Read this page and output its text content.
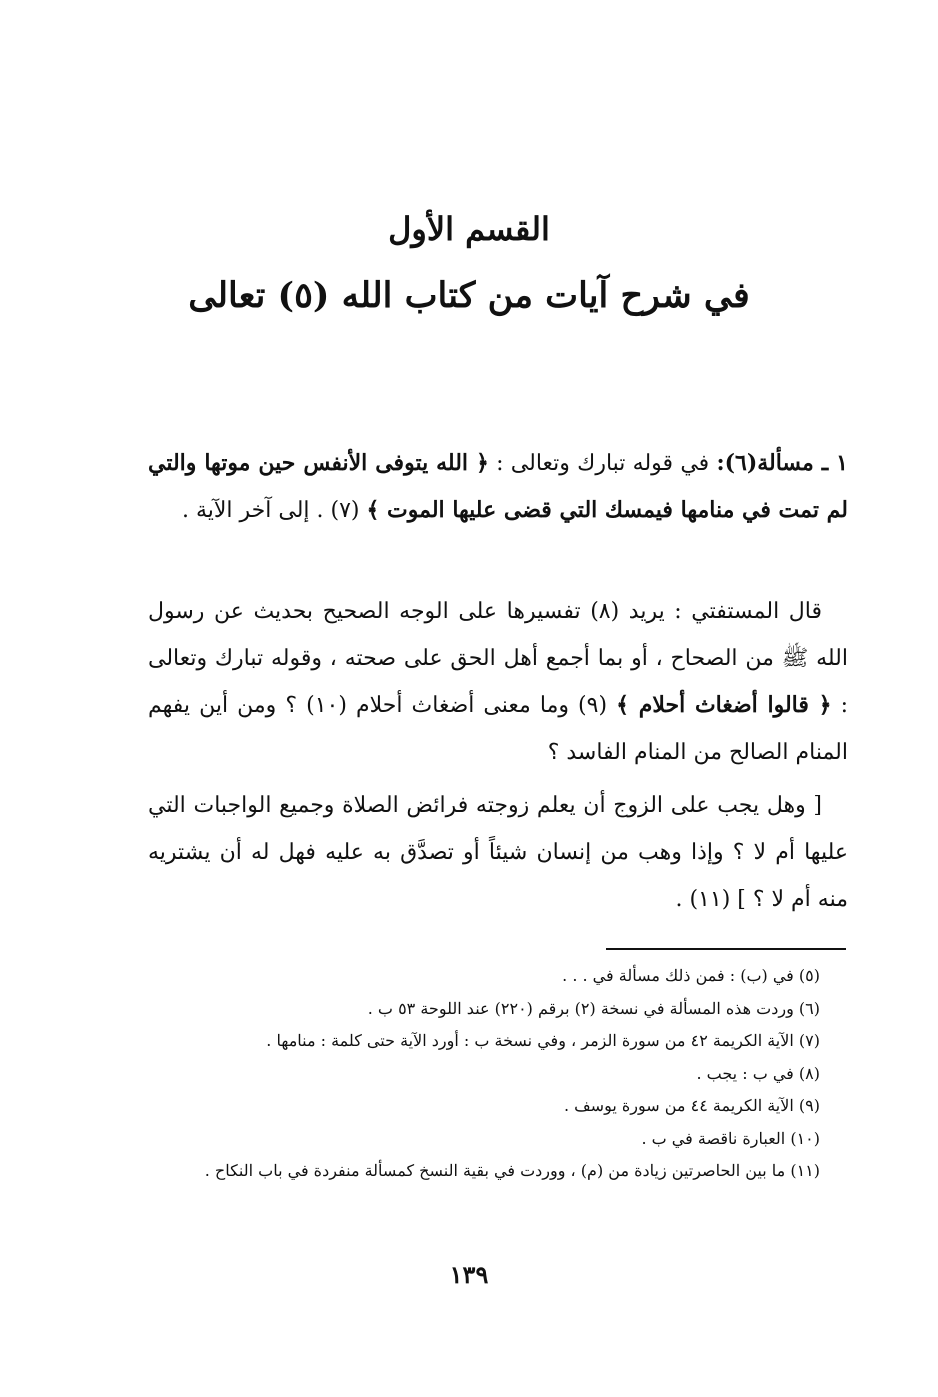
القسم الأول
في شرح آيات من كتاب الله (٥) تعالى

١ ـ مسألة(٦): في قوله تبارك وتعالى : ﴿ الله يتوفى الأنفس حين موتها والتي لم تمت في منامها فيمسك التي قضى عليها الموت ﴾ (٧) . إلى آخر الآية .

قال المستفتي : يريد (٨) تفسيرها على الوجه الصحيح بحديث عن رسول الله ﷺ من الصحاح ، أو بما أجمع أهل الحق على صحته ، وقوله تبارك وتعالى : ﴿ قالوا أضغاث أحلام ﴾ (٩) وما معنى أضغاث أحلام (١٠) ؟ ومن أين يفهم المنام الصالح من المنام الفاسد ؟

[ وهل يجب على الزوج أن يعلم زوجته فرائض الصلاة وجميع الواجبات التي عليها أم لا ؟ وإذا وهب من إنسان شيئاً أو تصدَّق به عليه فهل له أن يشتريه منه أم لا ؟ ] (١١) .

(٥) في (ب) : فمن ذلك مسألة في . . .

(٦) وردت هذه المسألة في نسخة (٢) برقم (٢٢٠) عند اللوحة ٥٣ ب .

(٧) الآية الكريمة ٤٢ من سورة الزمر ، وفي نسخة ب : أورد الآية حتى كلمة : منامها .

(٨) في ب : يجب .

(٩) الآية الكريمة ٤٤ من سورة يوسف .

(١٠) العبارة ناقصة في ب .

(١١) ما بين الحاصرتين زيادة من (م) ، ووردت في بقية النسخ كمسألة منفردة في باب النكاح .

١٣٩
